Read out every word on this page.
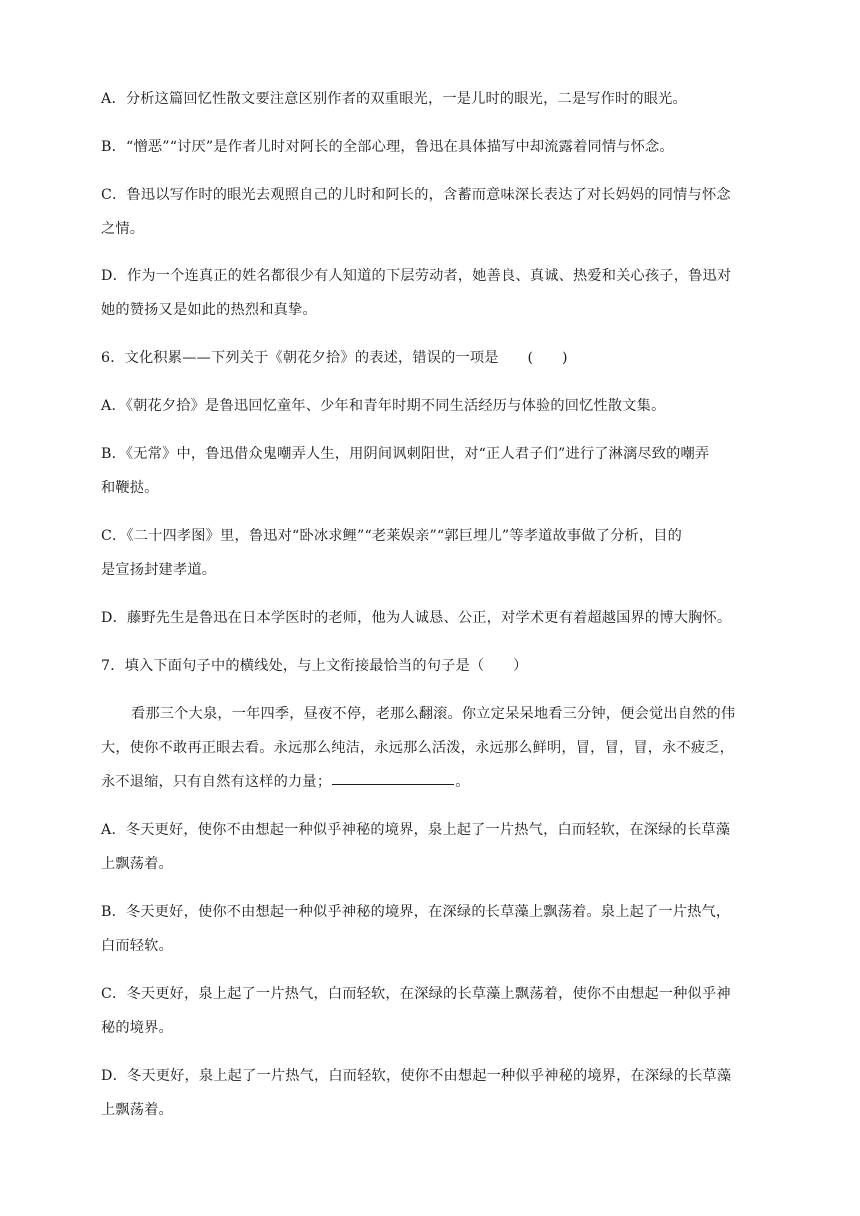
A．分析这篇回忆性散文要注意区别作者的双重眼光，一是儿时的眼光，二是写作时的眼光。
B．“憎恶”“讨厌”是作者儿时对阿长的全部心理，鲁迅在具体描写中却流露着同情与怀念。
C．鲁迅以写作时的眼光去观照自己的儿时和阿长的，含蓄而意味深长表达了对长妈妈的同情与怀念
之情。
D．作为一个连真正的姓名都很少有人知道的下层劳动者，她善良、真诚、热爱和关心孩子，鲁迅对
她的赞扬又是如此的热烈和真挚。
6．文化积累——下列关于《朝花夕拾》的表述，错误的一项是　　(　　)
A．《朝花夕拾》是鲁迅回忆童年、少年和青年时期不同生活经历与体验的回忆性散文集。
B．《无常》中，鲁迅借众鬼嘲弄人生，用阴间讽刺阳世，对“正人君子们”进行了淋漓尽致的嘲弄
和鞭挞。
C．《二十四孝图》里，鲁迅对“卧冰求鲤”“老莱娱亲”“郭巨埋儿”等孝道故事做了分析，目的
是宣扬封建孝道。
D．藤野先生是鲁迅在日本学医时的老师，他为人诚恳、公正，对学术更有着超越国界的博大胸怀。
7．填入下面句子中的横线处，与上文衔接最恰当的句子是（　　）
看那三个大泉，一年四季，昼夜不停，老那么翻滚。你立定呆呆地看三分钟，便会觉出自然的伟
大，使你不敢再正眼去看。永远那么纯洁，永远那么活泼，永远那么鲜明，冒，冒，冒，永不疲乏，
永不退缩，只有自然有这样的力量；	。
A．冬天更好，使你不由想起一种似乎神秘的境界，泉上起了一片热气，白而轻软，在深绿的长草藻
上飘荡着。
B．冬天更好，使你不由想起一种似乎神秘的境界，在深绿的长草藻上飘荡着。泉上起了一片热气，
白而轻软。
C．冬天更好，泉上起了一片热气，白而轻软，在深绿的长草藻上飘荡着，使你不由想起一种似乎神
秘的境界。
D．冬天更好，泉上起了一片热气，白而轻软，使你不由想起一种似乎神秘的境界，在深绿的长草藻
上飘荡着。
